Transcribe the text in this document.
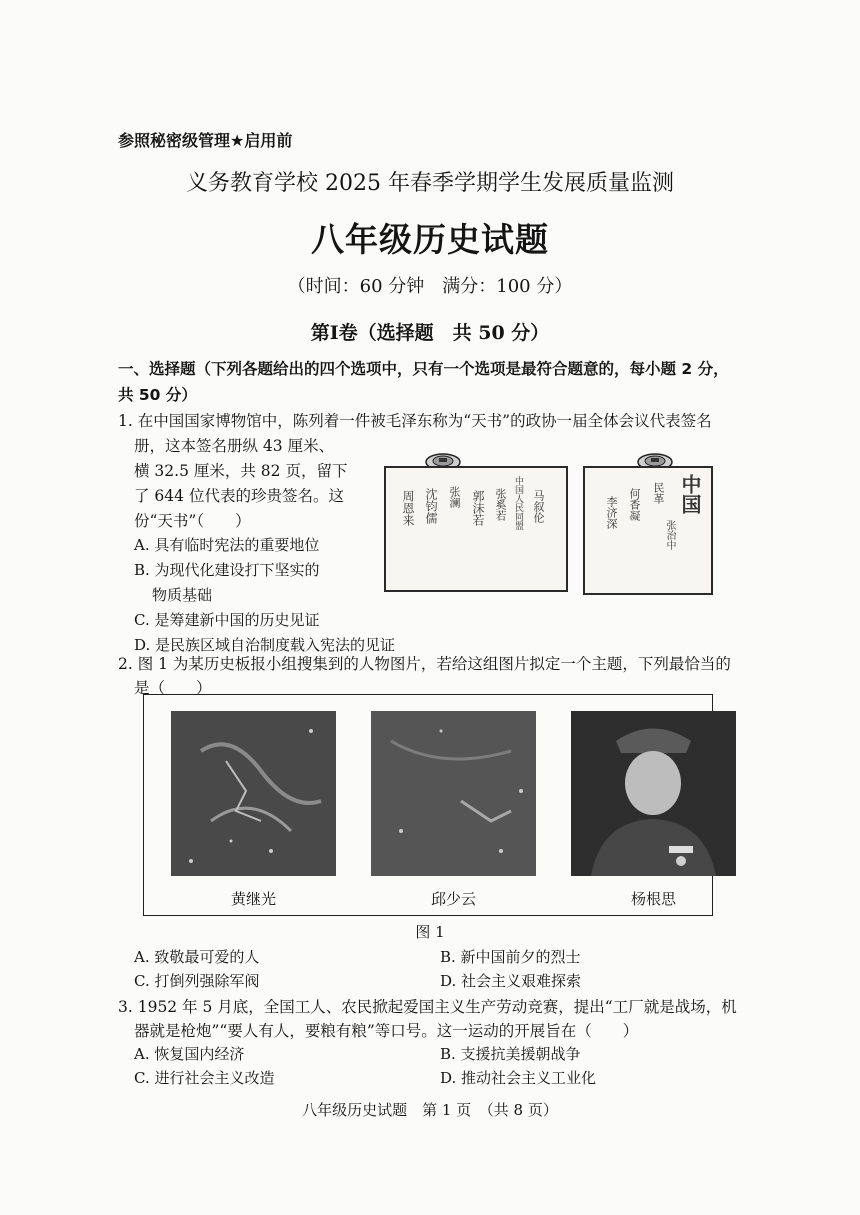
参照秘密级管理★启用前
义务教育学校 2025 年春季学期学生发展质量监测
八年级历史试题
（时间：60 分钟　满分：100 分）
第Ⅰ卷（选择题　共 50 分）
一、选择题（下列各题给出的四个选项中，只有一个选项是最符合题意的，每小题 2 分，
共 50 分）
1. 在中国国家博物馆中，陈列着一件被毛泽东称为“天书”的政协一届全体会议代表签名
册，这本签名册纵 43 厘米、
横 32.5 厘米，共 82 页，留下
了 644 位代表的珍贵签名。这
份“天书”（　　）
A. 具有临时宪法的重要地位
B. 为现代化建设打下坚实的
物质基础
C. 是筹建新中国的历史见证
D. 是民族区域自治制度载入宪法的见证
周恩来 沈钧儒 张澜	中国人民同盟
郭沫若 张奚若 马叙伦	中国
民革
李济深 何香凝
张治中
2. 图 1 为某历史板报小组搜集到的人物图片，若给这组图片拟定一个主题，下列最恰当的
是（　　）
黄继光	邱少云	杨根思
图 1
A. 致敬最可爱的人	B. 新中国前夕的烈士
C. 打倒列强除军阀	D. 社会主义艰难探索
3. 1952 年 5 月底，全国工人、农民掀起爱国主义生产劳动竞赛，提出“工厂就是战场，机
器就是枪炮”“要人有人，要粮有粮”等口号。这一运动的开展旨在（　　）
A. 恢复国内经济	B. 支援抗美援朝战争
C. 进行社会主义改造	D. 推动社会主义工业化
八年级历史试题　第 1 页　（共 8 页）
